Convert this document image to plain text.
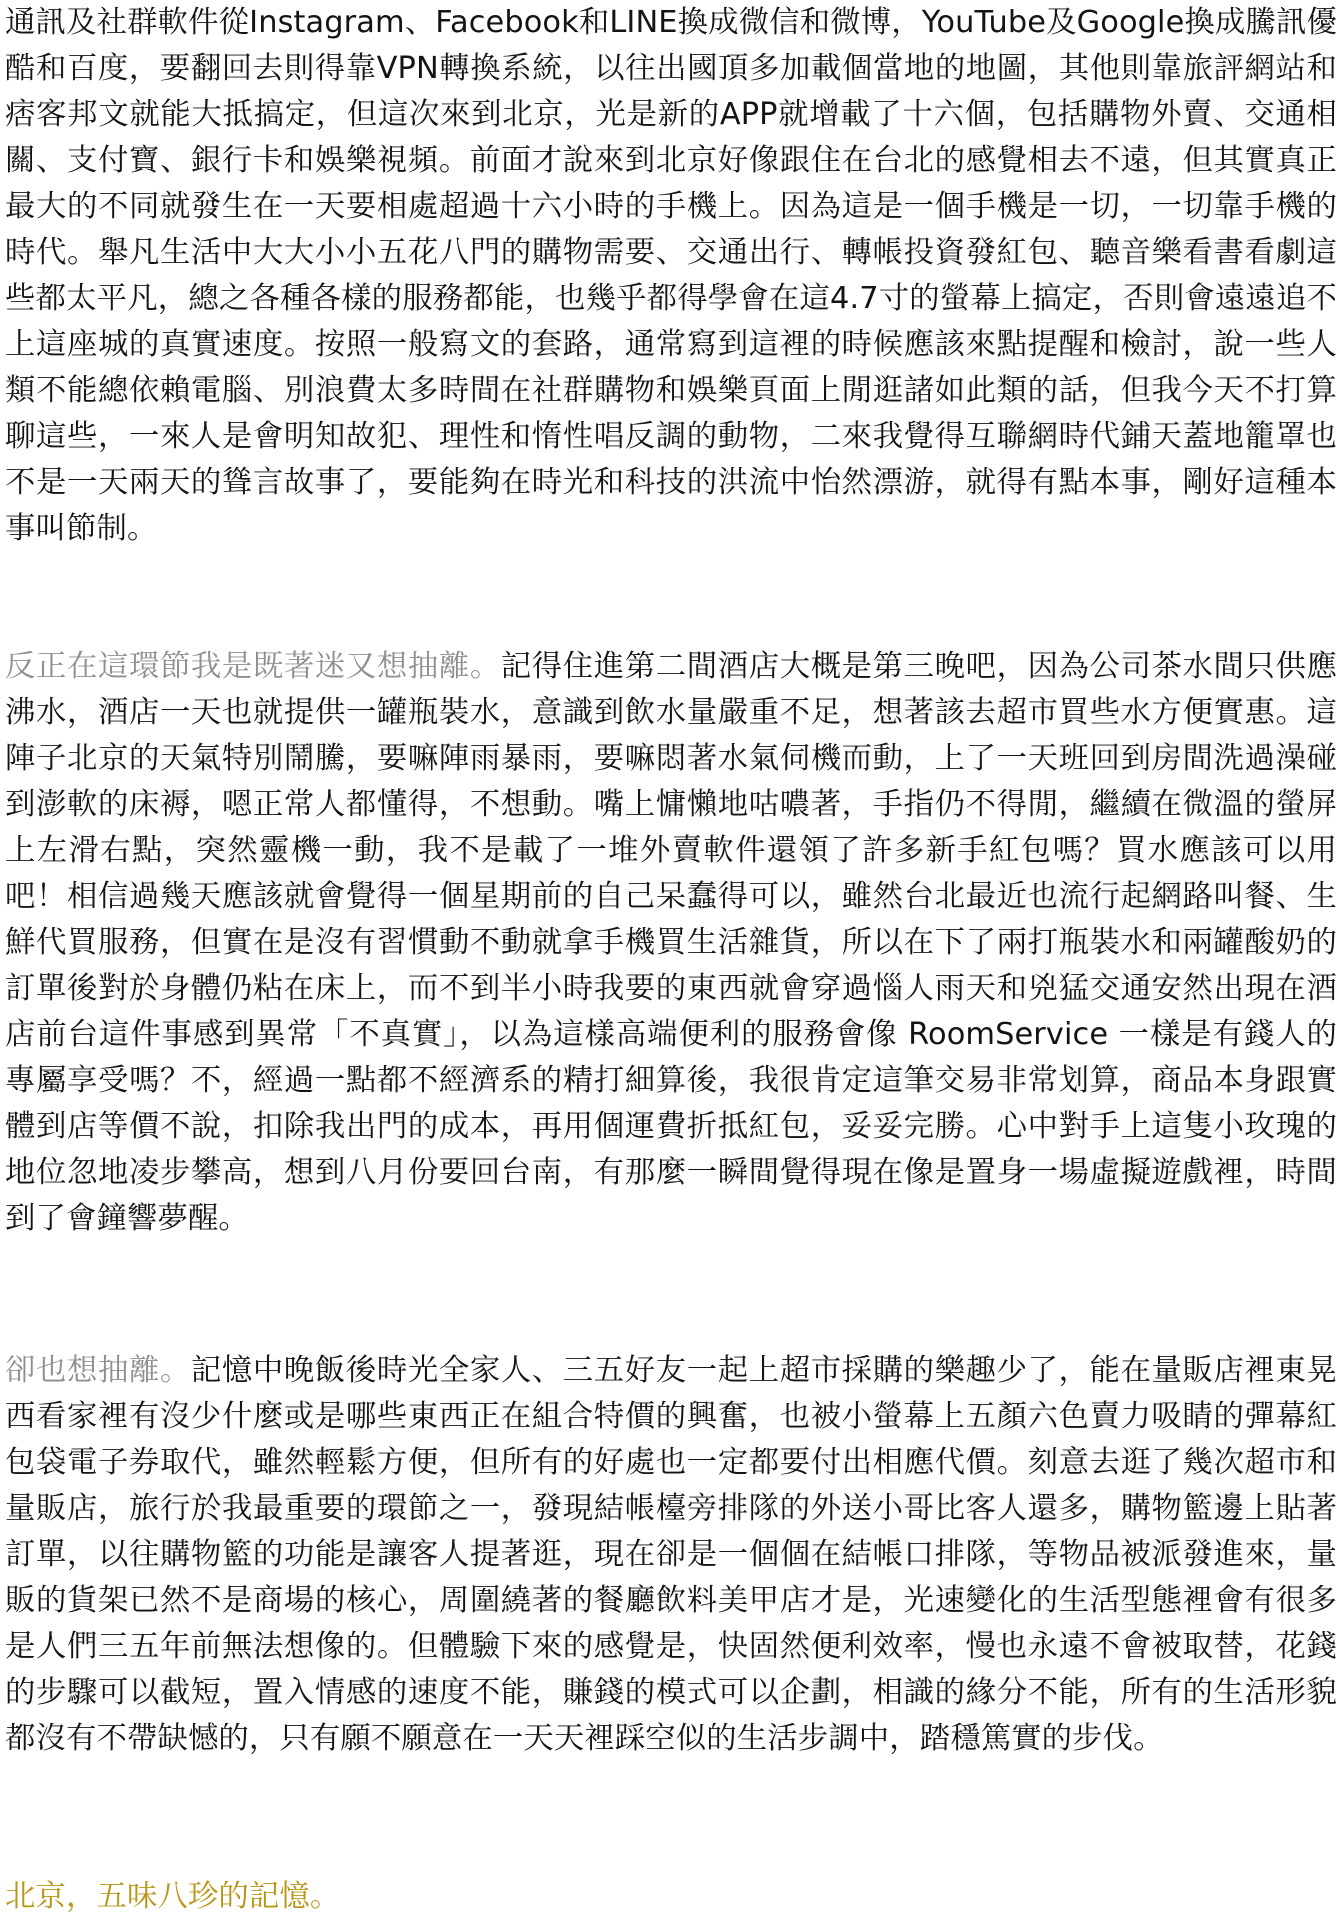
通訊及社群軟件從Instagram、Facebook和LINE換成微信和微博，YouTube及Google換成騰訊優酷和百度，要翻回去則得靠VPN轉換系統，以往出國頂多加載個當地的地圖，其他則靠旅評網站和痞客邦文就能大抵搞定，但這次來到北京，光是新的APP就增載了十六個，包括購物外賣、交通相關、支付寶、銀行卡和娛樂視頻。前面才說來到北京好像跟住在台北的感覺相去不遠，但其實真正最大的不同就發生在一天要相處超過十六小時的手機上。因為這是一個手機是一切，一切靠手機的時代。舉凡生活中大大小小五花八門的購物需要、交通出行、轉帳投資發紅包、聽音樂看書看劇這些都太平凡，總之各種各樣的服務都能，也幾乎都得學會在這4.7寸的螢幕上搞定，否則會遠遠追不上這座城的真實速度。按照一般寫文的套路，通常寫到這裡的時候應該來點提醒和檢討，說一些人類不能總依賴電腦、別浪費太多時間在社群購物和娛樂頁面上閒逛諸如此類的話，但我今天不打算聊這些，一來人是會明知故犯、理性和惰性唱反調的動物，二來我覺得互聯網時代鋪天蓋地籠罩也不是一天兩天的聳言故事了，要能夠在時光和科技的洪流中怡然漂游，就得有點本事，剛好這種本事叫節制。

反正在這環節我是既著迷又想抽離。記得住進第二間酒店大概是第三晚吧，因為公司茶水間只供應沸水，酒店一天也就提供一罐瓶裝水，意識到飲水量嚴重不足，想著該去超市買些水方便實惠。這陣子北京的天氣特別鬧騰，要嘛陣雨暴雨，要嘛悶著水氣伺機而動，上了一天班回到房間洗過澡碰到澎軟的床褥，嗯正常人都懂得，不想動。嘴上慵懶地咕噥著，手指仍不得閒，繼續在微溫的螢屏上左滑右點，突然靈機一動，我不是載了一堆外賣軟件還領了許多新手紅包嗎？買水應該可以用吧！相信過幾天應該就會覺得一個星期前的自己呆蠢得可以，雖然台北最近也流行起網路叫餐、生鮮代買服務，但實在是沒有習慣動不動就拿手機買生活雜貨，所以在下了兩打瓶裝水和兩罐酸奶的訂單後對於身體仍粘在床上，而不到半小時我要的東西就會穿過惱人雨天和兇猛交通安然出現在酒店前台這件事感到異常「不真實」，以為這樣高端便利的服務會像 RoomService 一樣是有錢人的專屬享受嗎？不，經過一點都不經濟系的精打細算後，我很肯定這筆交易非常划算，商品本身跟實體到店等價不說，扣除我出門的成本，再用個運費折抵紅包，妥妥完勝。心中對手上這隻小玫瑰的地位忽地凌步攀高，想到八月份要回台南，有那麼一瞬間覺得現在像是置身一場虛擬遊戲裡，時間到了會鐘響夢醒。

卻也想抽離。記憶中晚飯後時光全家人、三五好友一起上超市採購的樂趣少了，能在量販店裡東晃西看家裡有沒少什麼或是哪些東西正在組合特價的興奮，也被小螢幕上五顏六色賣力吸睛的彈幕紅包袋電子券取代，雖然輕鬆方便，但所有的好處也一定都要付出相應代價。刻意去逛了幾次超市和量販店，旅行於我最重要的環節之一，發現結帳檯旁排隊的外送小哥比客人還多，購物籃邊上貼著訂單，以往購物籃的功能是讓客人提著逛，現在卻是一個個在結帳口排隊，等物品被派發進來，量販的貨架已然不是商場的核心，周圍繞著的餐廳飲料美甲店才是，光速變化的生活型態裡會有很多是人們三五年前無法想像的。但體驗下來的感覺是，快固然便利效率，慢也永遠不會被取替，花錢的步驟可以截短，置入情感的速度不能，賺錢的模式可以企劃，相識的緣分不能，所有的生活形貌都沒有不帶缺憾的，只有願不願意在一天天裡踩空似的生活步調中，踏穩篤實的步伐。

北京，五味八珍的記憶。
